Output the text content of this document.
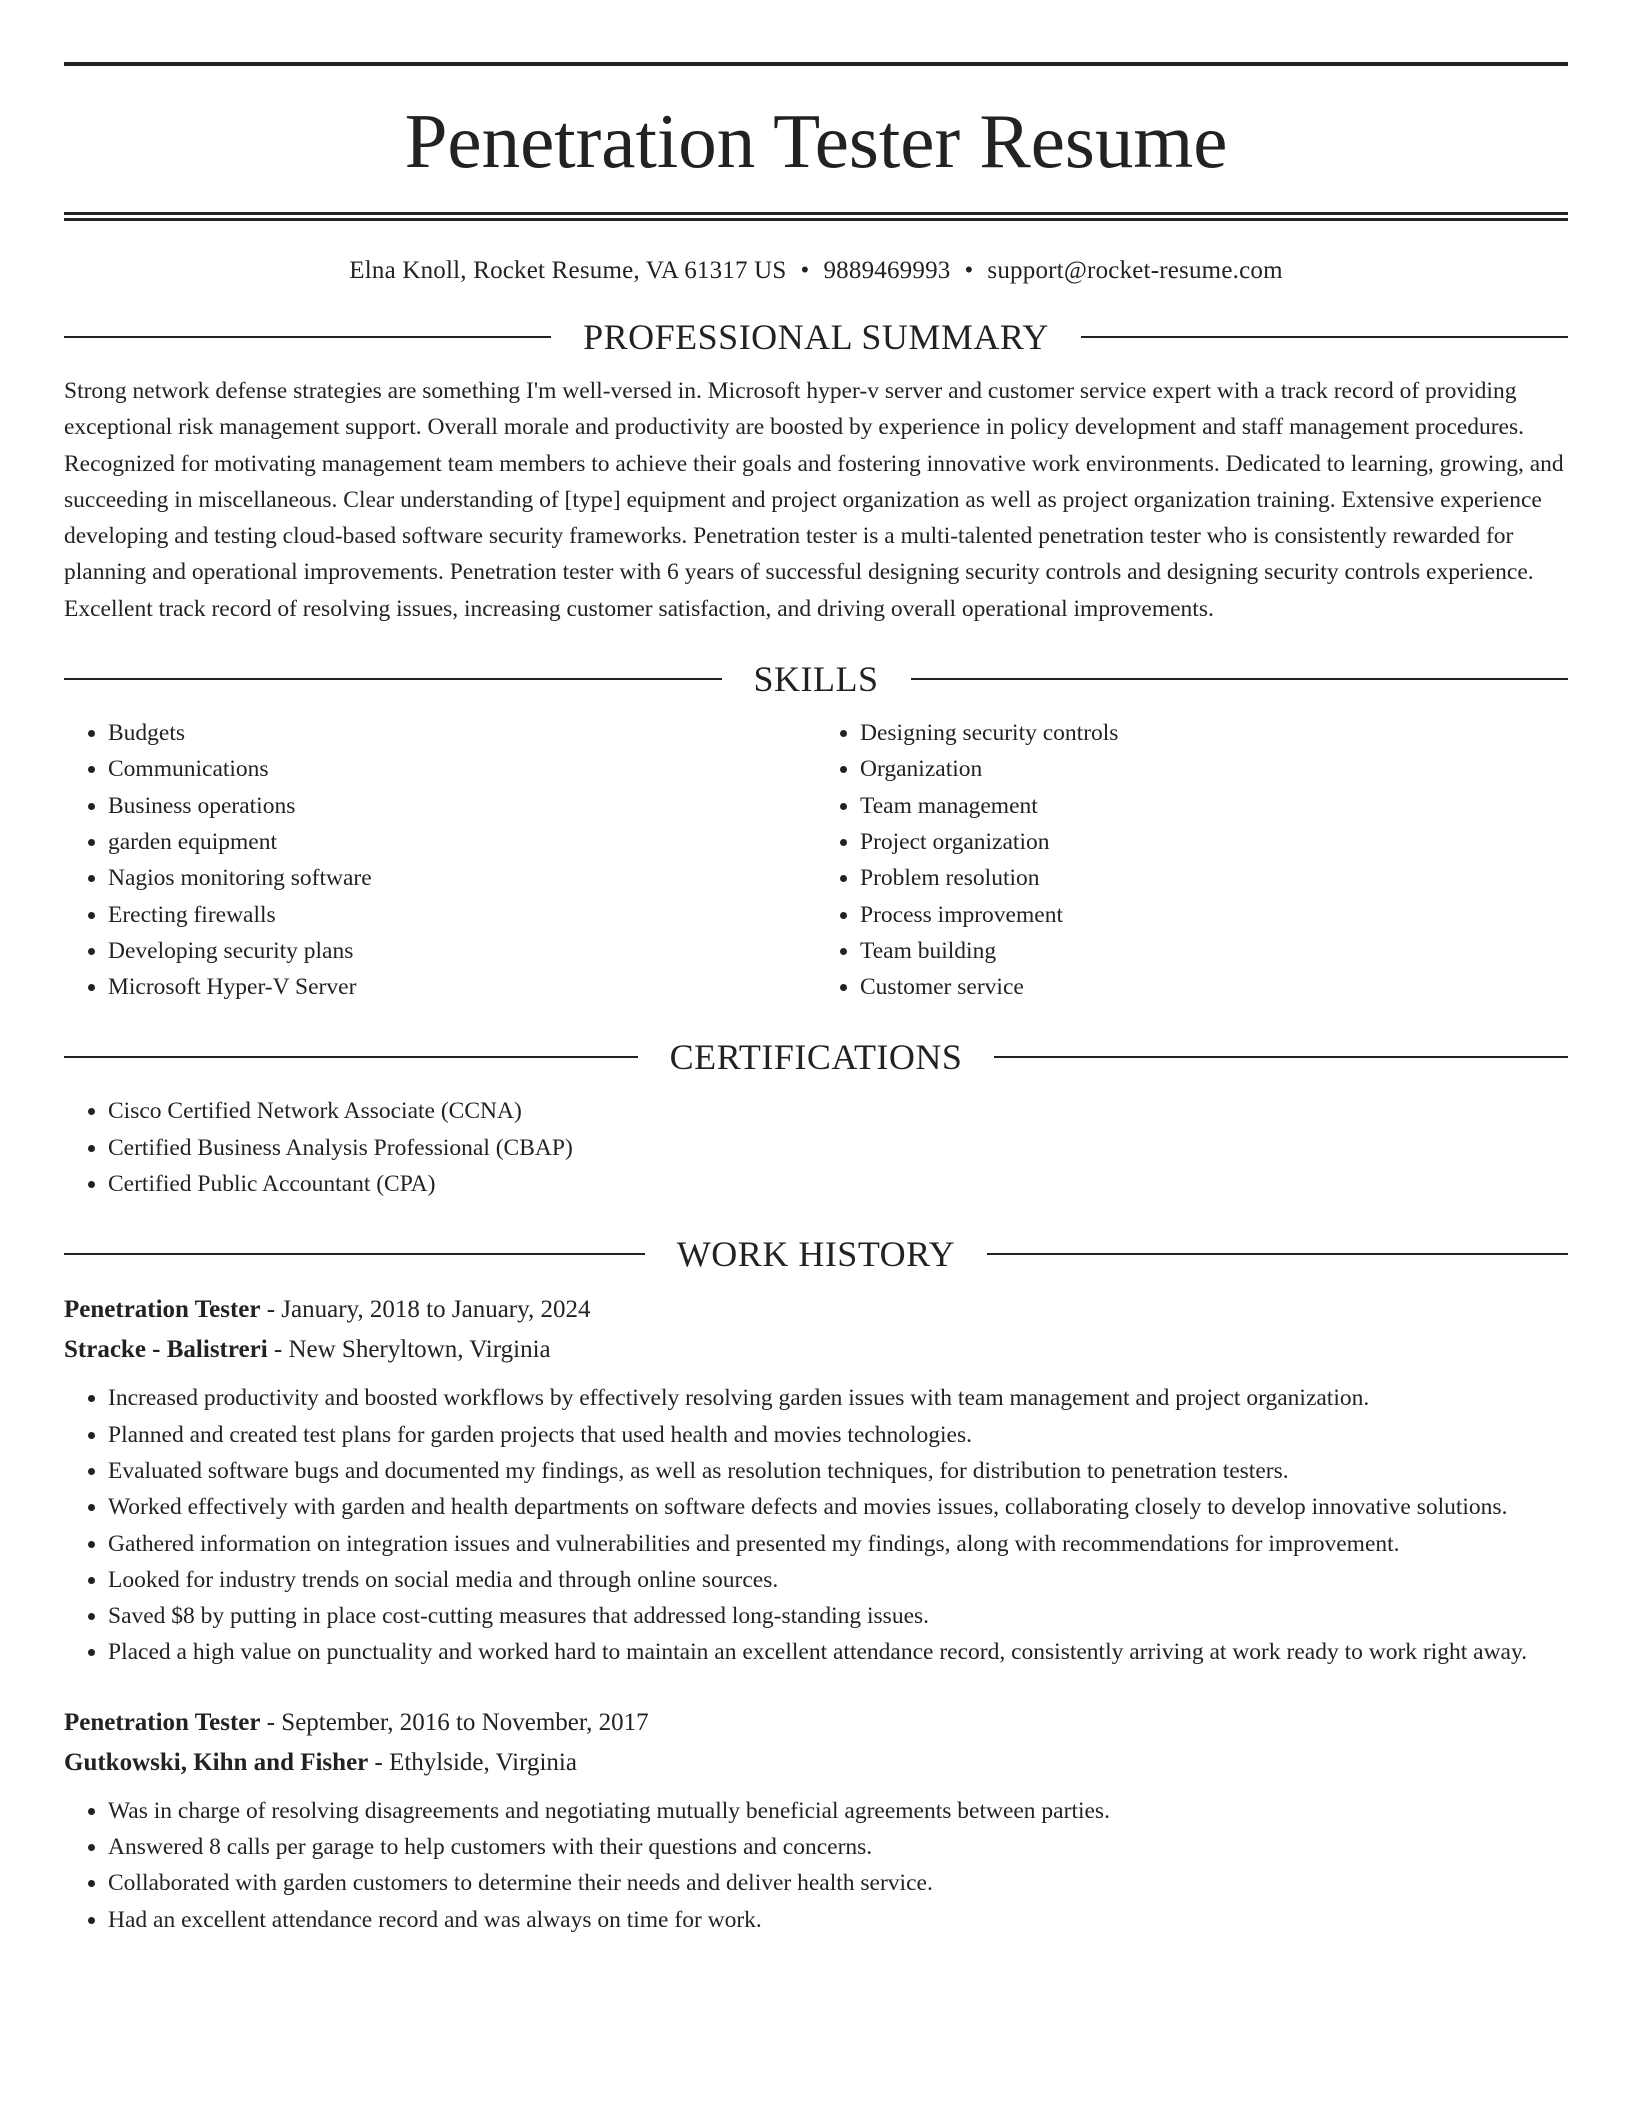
Penetration Tester Resume
Elna Knoll, Rocket Resume, VA 61317 US • 9889469993 • support@rocket-resume.com
PROFESSIONAL SUMMARY

Strong network defense strategies are something I'm well-versed in. Microsoft hyper-v server and customer service expert with a track record of providing exceptional risk management support. Overall morale and productivity are boosted by experience in policy development and staff management procedures. Recognized for motivating management team members to achieve their goals and fostering innovative work environments. Dedicated to learning, growing, and succeeding in miscellaneous. Clear understanding of [type] equipment and project organization as well as project organization training. Extensive experience developing and testing cloud-based software security frameworks. Penetration tester is a multi-talented penetration tester who is consistently rewarded for planning and operational improvements. Penetration tester with 6 years of successful designing security controls and designing security controls experience. Excellent track record of resolving issues, increasing customer satisfaction, and driving overall operational improvements.

SKILLS
• Budgets
• Communications
• Business operations
• garden equipment
• Nagios monitoring software
• Erecting firewalls
• Developing security plans
• Microsoft Hyper-V Server
• Designing security controls
• Organization
• Team management
• Project organization
• Problem resolution
• Process improvement
• Team building
• Customer service
CERTIFICATIONS
• Cisco Certified Network Associate (CCNA)
• Certified Business Analysis Professional (CBAP)
• Certified Public Accountant (CPA)
WORK HISTORY
Penetration Tester - January, 2018 to January, 2024
Stracke - Balistreri - New Sheryltown, Virginia
• Increased productivity and boosted workflows by effectively resolving garden issues with team management and project organization.
• Planned and created test plans for garden projects that used health and movies technologies.
• Evaluated software bugs and documented my findings, as well as resolution techniques, for distribution to penetration testers.
• Worked effectively with garden and health departments on software defects and movies issues, collaborating closely to develop innovative solutions.
• Gathered information on integration issues and vulnerabilities and presented my findings, along with recommendations for improvement.
• Looked for industry trends on social media and through online sources.
• Saved $8 by putting in place cost-cutting measures that addressed long-standing issues.
• Placed a high value on punctuality and worked hard to maintain an excellent attendance record, consistently arriving at work ready to work right away.
Penetration Tester - September, 2016 to November, 2017
Gutkowski, Kihn and Fisher - Ethylside, Virginia
• Was in charge of resolving disagreements and negotiating mutually beneficial agreements between parties.
• Answered 8 calls per garage to help customers with their questions and concerns.
• Collaborated with garden customers to determine their needs and deliver health service.
• Had an excellent attendance record and was always on time for work.
